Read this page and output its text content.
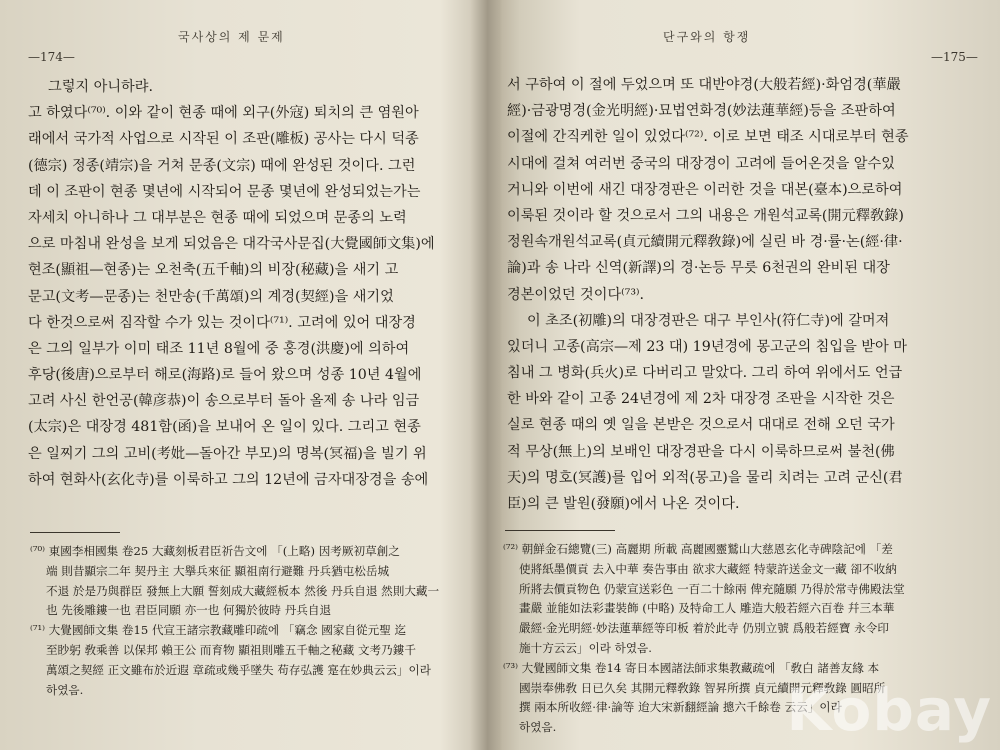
국사상의 제 문제
—174—
그렇지 아니하랴.
고 하였다⁽⁷⁰⁾. 이와 같이 현종 때에 외구(外寇) 퇴치의 큰 염원아
래에서 국가적 사업으로 시작된 이 조판(雕板) 공사는 다시 덕종
(德宗) 정종(靖宗)을 거쳐 문종(文宗) 때에 완성된 것이다. 그런
데 이 조판이 현종 몇년에 시작되어 문종 몇년에 완성되었는가는
자세치 아니하나 그 대부분은 현종 때에 되었으며 문종의 노력
으로 마침내 완성을 보게 되었음은 대각국사문집(大覺國師文集)에
현조(顯祖—현종)는 오천축(五千軸)의 비장(秘藏)을 새기 고
문고(文考—문종)는 천만송(千萬頌)의 계경(契經)을 새기었
다 한것으로써 짐작할 수가 있는 것이다⁽⁷¹⁾. 고려에 있어 대장경
은 그의 일부가 이미 태조 11년 8월에 중 홍경(洪慶)에 의하여
후당(後唐)으로부터 해로(海路)로 들어 왔으며 성종 10년 4월에
고려 사신 한언공(韓彦恭)이 송으로부터 돌아 올제 송 나라 임금
(太宗)은 대장경 481함(函)을 보내어 온 일이 있다. 그리고 현종
은 일찌기 그의 고비(考妣—돌아간 부모)의 명복(冥福)을 빌기 위
하여 현화사(玄化寺)를 이룩하고 그의 12년에 금자대장경을 송에
⁽⁷⁰⁾ 東國李相國集 卷25 大藏刻板君臣祈告文에 「(上略) 因考厥初草創之
端 則昔顯宗二年 契丹主 大擧兵來征 顯祖南行避難 丹兵猶屯松岳城
不退 於是乃與群臣 發無上大願 誓刻成大藏經板本 然後 丹兵自退 然則大藏一
也 先後雕鏤一也 君臣同願 亦一也 何獨於彼時 丹兵自退
⁽⁷¹⁾ 大覺國師文集 卷15 代宣王諸宗教藏雕印疏에 「竊念 國家自從元聖 迄
至眇躬 敎乘善 以保邦 賴王公 而育物 顯祖則雕五千軸之秘藏 文考乃鏤千
萬頌之契經 正文雖布於近遐 章疏或幾乎墜失 苟存弘護 寔在妙典云云」이라
하였음.
단구와의 항쟁
—175—
서 구하여 이 절에 두었으며 또 대반야경(大般若經)·화엄경(華嚴
經)·금광명경(金光明經)·묘법연화경(妙法蓮華經)등을 조판하여
이절에 간직케한 일이 있었다⁽⁷²⁾. 이로 보면 태조 시대로부터 현종
시대에 걸쳐 여러번 중국의 대장경이 고려에 들어온것을 알수있
거니와 이번에 새긴 대장경판은 이러한 것을 대본(臺本)으로하여
이룩된 것이라 할 것으로서 그의 내용은 개원석교록(開元釋敎錄)
정원속개원석교록(貞元續開元釋敎錄)에 실린 바 경·률·논(經·律·
論)과 송 나라 신역(新譯)의 경·논등 무릇 6천권의 완비된 대장
경본이었던 것이다⁽⁷³⁾.
이 초조(初雕)의 대장경판은 대구 부인사(符仁寺)에 갈머져
있더니 고종(高宗—제 23 대) 19년경에 몽고군의 침입을 받아 마
침내 그 병화(兵火)로 다버리고 말았다. 그리 하여 위에서도 언급
한 바와 같이 고종 24년경에 제 2차 대장경 조판을 시작한 것은
실로 현종 때의 옛 일을 본받은 것으로서 대대로 전해 오던 국가
적 무상(無上)의 보배인 대장경판을 다시 이룩하므로써 불천(佛
天)의 명호(冥護)를 입어 외적(몽고)을 물리 치려는 고려 군신(君
臣)의 큰 발원(發願)에서 나온 것이다.
⁽⁷²⁾ 朝鮮金石總覽(三) 高麗期 所載 高麗國靈鷲山大慈恩玄化寺碑陰記에 「差
使將紙墨價貢 去入中華 奏告事由 欲求大藏經 特蒙許送金文一藏 卻不收納
所將去價貢物色 仍蒙宣送彩色 一百二十餘兩 俾充隨願 乃得於常寺佛殿法堂
畫嚴 並能如法彩畫裝飾 (中略) 及特命工人 雕造大般若經六百卷 幷三本華
嚴經·金光明經·妙法蓮華經等印板 着於此寺 仍別立號 爲般若經寶 永令印
施十方云云」이라 하였음.
⁽⁷³⁾ 大覺國師文集 卷14 寄日本國諸法師求集教藏疏에 「敎白 諸善友緣 本
國崇奉佛敎 日已久矣 其開元釋敎錄 智昇所撰 貞元續開元釋敎錄 圓昭所
撰 兩本所收經·律·論等 迨大宋新翻經論 摠六千餘卷 云云」이라
하였음.	Kobay
